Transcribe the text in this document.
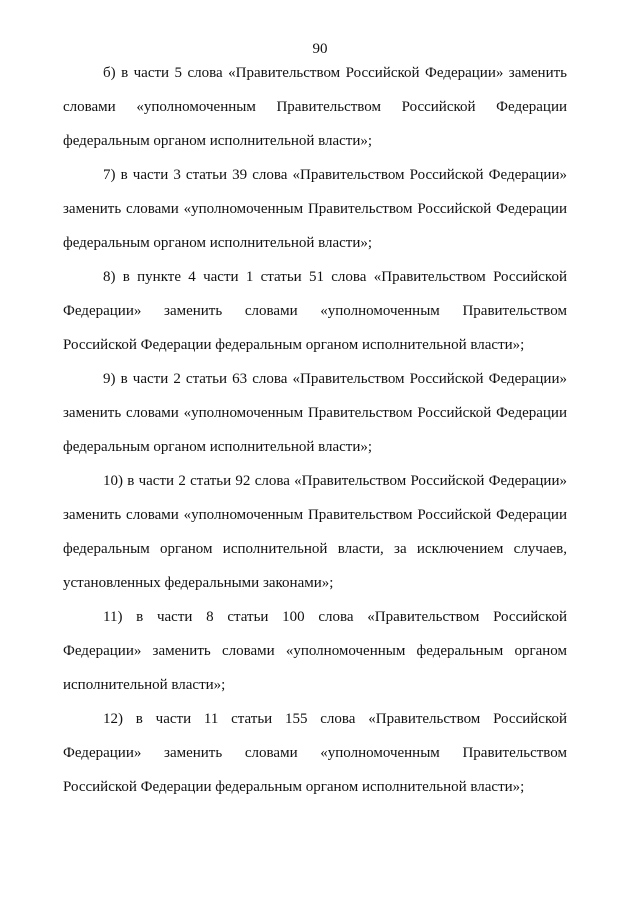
90
б) в части 5 слова «Правительством Российской Федерации» заменить
словами «уполномоченным Правительством Российской Федерации
федеральным органом исполнительной власти»;
7) в части 3 статьи 39 слова «Правительством Российской Федерации»
заменить словами «уполномоченным Правительством Российской Федерации
федеральным органом исполнительной власти»;
8) в пункте 4 части 1 статьи 51 слова «Правительством Российской
Федерации» заменить словами «уполномоченным Правительством
Российской Федерации федеральным органом исполнительной власти»;
9) в части 2 статьи 63 слова «Правительством Российской Федерации»
заменить словами «уполномоченным Правительством Российской Федерации
федеральным органом исполнительной власти»;
10) в части 2 статьи 92 слова «Правительством Российской Федерации»
заменить словами «уполномоченным Правительством Российской Федерации
федеральным органом исполнительной власти, за исключением случаев,
установленных федеральными законами»;
11) в части 8 статьи 100 слова «Правительством Российской
Федерации» заменить словами «уполномоченным федеральным органом
исполнительной власти»;
12) в части 11 статьи 155 слова «Правительством Российской
Федерации» заменить словами «уполномоченным Правительством
Российской Федерации федеральным органом исполнительной власти»;
